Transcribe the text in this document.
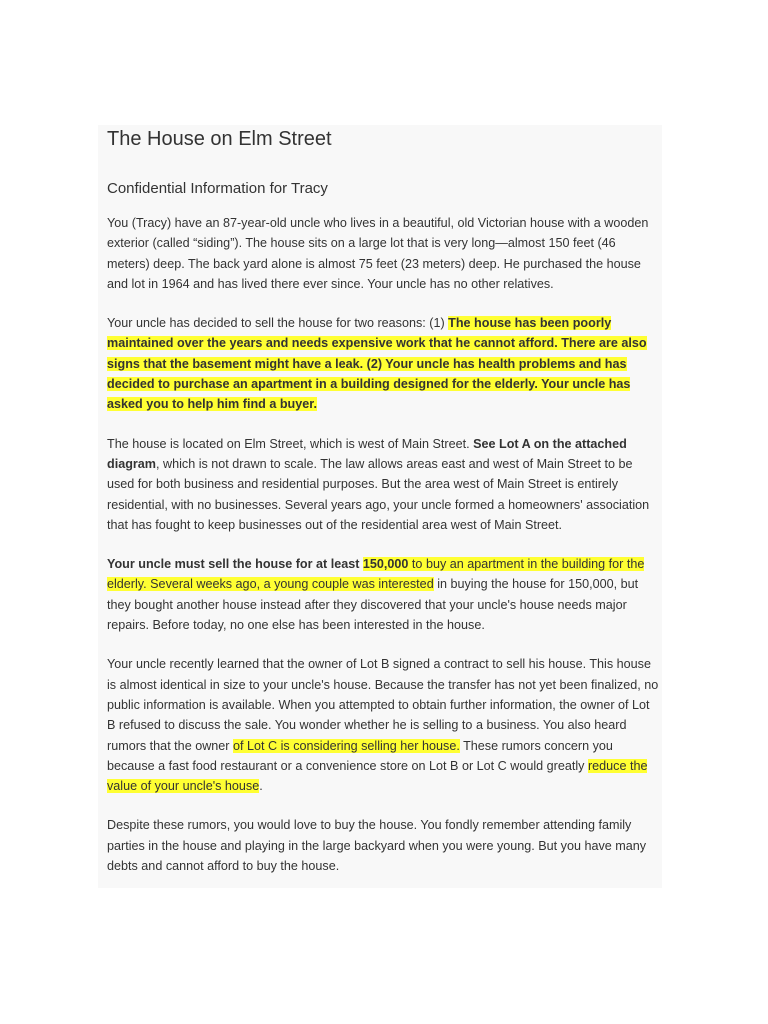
The House on Elm Street
Confidential Information for Tracy

You (Tracy) have an 87-year-old uncle who lives in a beautiful, old Victorian house with a wooden exterior (called “siding”). The house sits on a large lot that is very long—almost 150 feet (46 meters) deep. The back yard alone is almost 75 feet (23 meters) deep. He purchased the house and lot in 1964 and has lived there ever since. Your uncle has no other relatives.

Your uncle has decided to sell the house for two reasons: (1) The house has been poorly maintained over the years and needs expensive work that he cannot afford. There are also signs that the basement might have a leak. (2) Your uncle has health problems and has decided to purchase an apartment in a building designed for the elderly. Your uncle has asked you to help him find a buyer.

The house is located on Elm Street, which is west of Main Street. See Lot A on the attached diagram, which is not drawn to scale. The law allows areas east and west of Main Street to be used for both business and residential purposes. But the area west of Main Street is entirely residential, with no businesses. Several years ago, your uncle formed a homeowners' association that has fought to keep businesses out of the residential area west of Main Street.

Your uncle must sell the house for at least 150,000 to buy an apartment in the building for the elderly. Several weeks ago, a young couple was interested in buying the house for 150,000, but they bought another house instead after they discovered that your uncle's house needs major repairs. Before today, no one else has been interested in the house.

Your uncle recently learned that the owner of Lot B signed a contract to sell his house. This house is almost identical in size to your uncle's house. Because the transfer has not yet been finalized, no public information is available. When you attempted to obtain further information, the owner of Lot B refused to discuss the sale. You wonder whether he is selling to a business. You also heard rumors that the owner of Lot C is considering selling her house. These rumors concern you because a fast food restaurant or a convenience store on Lot B or Lot C would greatly reduce the value of your uncle's house.

Despite these rumors, you would love to buy the house. You fondly remember attending family parties in the house and playing in the large backyard when you were young. But you have many debts and cannot afford to buy the house.
